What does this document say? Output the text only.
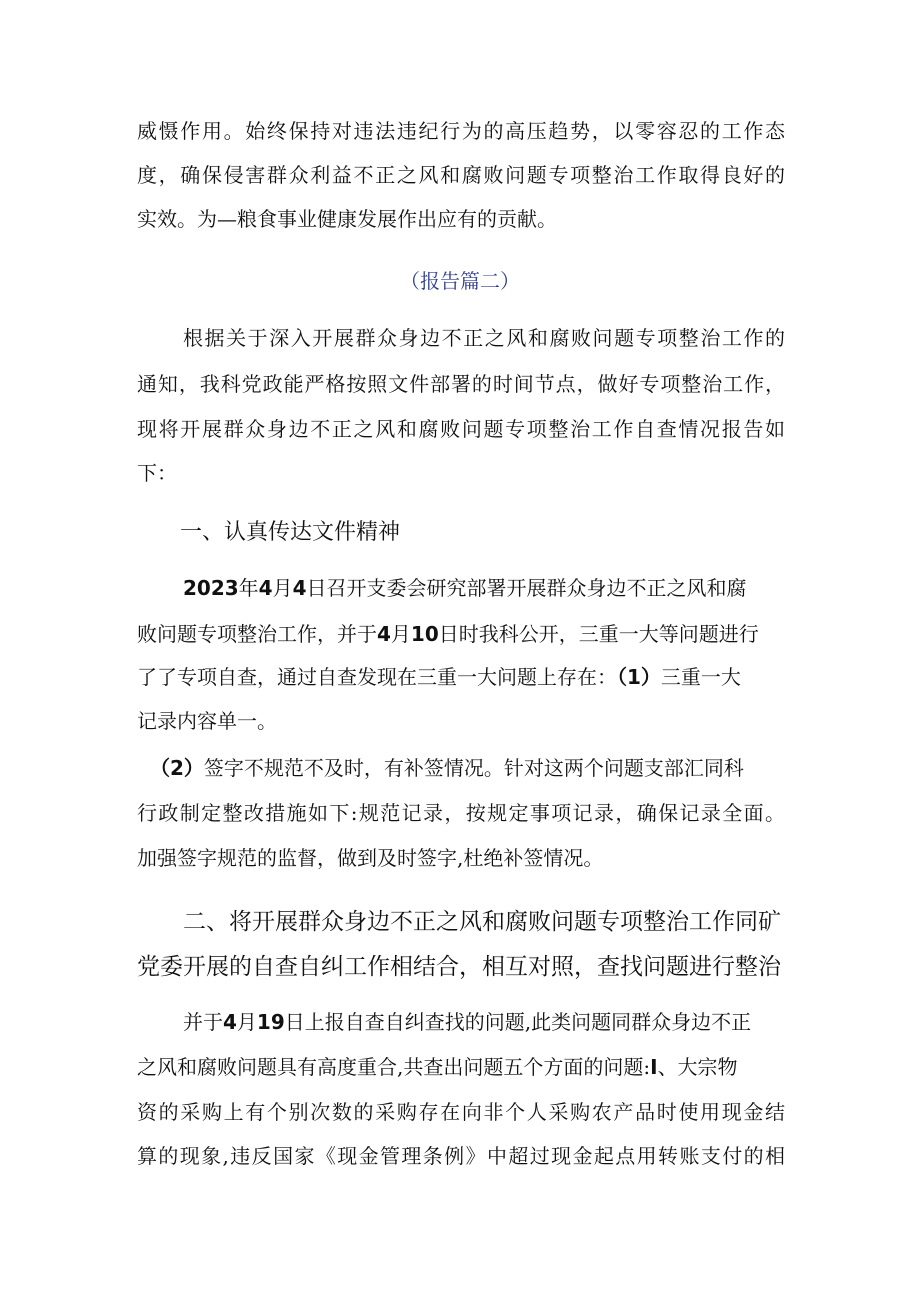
威慑作用。始终保持对违法违纪行为的高压趋势，以零容忍的工作态
度，确保侵害群众利益不正之风和腐败问题专项整治工作取得良好的
实效。为—粮食事业健康发展作出应有的贡献。
（报告篇二）
根据关于深入开展群众身边不正之风和腐败问题专项整治工作的
通知，我科党政能严格按照文件部署的时间节点，做好专项整治工作，
现将开展群众身边不正之风和腐败问题专项整治工作自查情况报告如
下：
一、认真传达文件精神
2023年4月4日召开支委会研究部署开展群众身边不正之风和腐
败问题专项整治工作，并于4月10日时我科公开，三重一大等问题进行
了了专项自查，通过自查发现在三重一大问题上存在：（1）三重一大
记录内容单一。
（2）签字不规范不及时，有补签情况。针对这两个问题支部汇同科
行政制定整改措施如下:规范记录，按规定事项记录，确保记录全面。
加强签字规范的监督，做到及时签字,杜绝补签情况。
二、将开展群众身边不正之风和腐败问题专项整治工作同矿
党委开展的自查自纠工作相结合，相互对照，查找问题进行整治
并于4月19日上报自查自纠查找的问题,此类问题同群众身边不正
之风和腐败问题具有高度重合,共查出问题五个方面的问题:I、大宗物
资的采购上有个别次数的采购存在向非个人采购农产品时使用现金结
算的现象,违反国家《现金管理条例》中超过现金起点用转账支付的相
